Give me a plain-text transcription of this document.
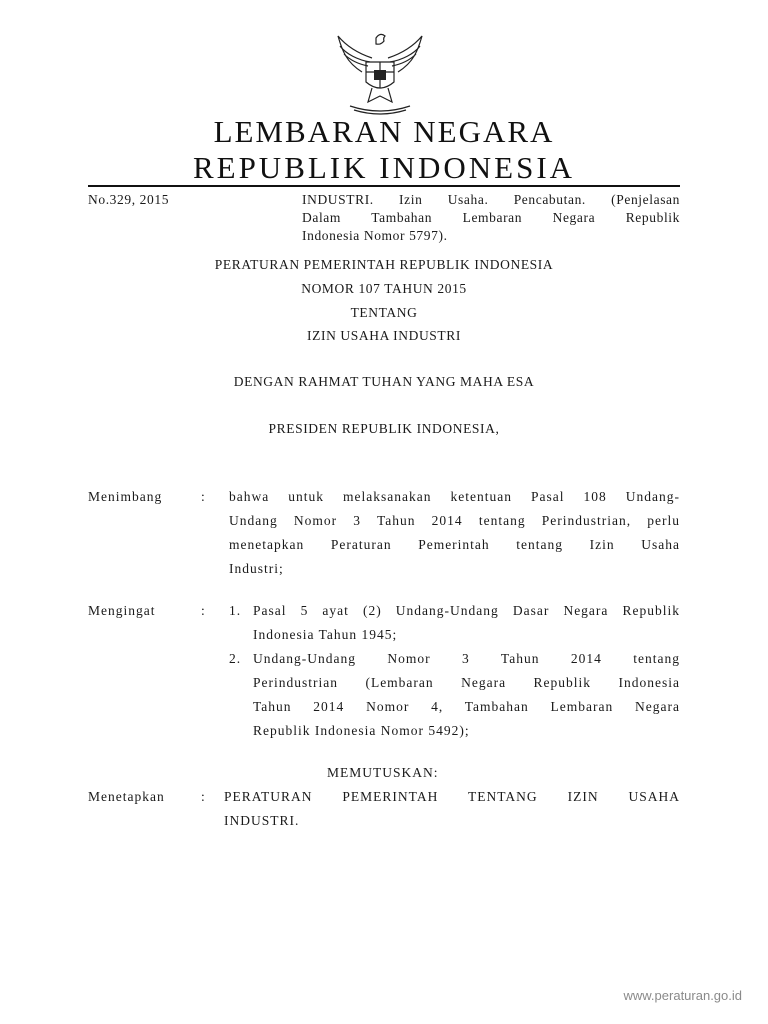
LEMBARAN NEGARA
REPUBLIK INDONESIA
No.329, 2015	INDUSTRI. Izin Usaha. Pencabutan. (Penjelasan
Dalam Tambahan Lembaran Negara Republik
Indonesia Nomor 5797).
PERATURAN PEMERINTAH REPUBLIK INDONESIA
NOMOR 107 TAHUN 2015
TENTANG
IZIN USAHA INDUSTRI
DENGAN RAHMAT TUHAN YANG MAHA ESA
PRESIDEN REPUBLIK INDONESIA,
Menimbang	: bahwa untuk melaksanakan ketentuan Pasal 108 Undang-
Undang Nomor 3 Tahun 2014 tentang Perindustrian, perlu
menetapkan Peraturan Pemerintah tentang Izin Usaha
Industri;
Mengingat	: 1. Pasal 5 ayat (2) Undang-Undang Dasar Negara Republik
Indonesia Tahun 1945;
2. Undang-Undang Nomor 3 Tahun 2014 tentang
Perindustrian (Lembaran Negara Republik Indonesia
Tahun 2014 Nomor 4, Tambahan Lembaran Negara
Republik Indonesia Nomor 5492);
MEMUTUSKAN:
Menetapkan	: PERATURAN PEMERINTAH TENTANG IZIN USAHA
INDUSTRI.
www.peraturan.go.id
